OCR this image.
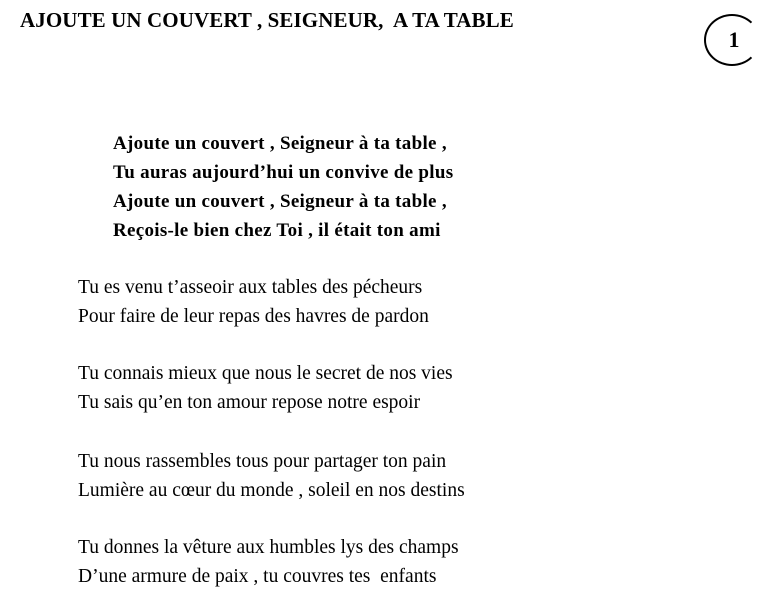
AJOUTE UN COUVERT , SEIGNEUR,  A TA TABLE
1

Ajoute un couvert , Seigneur à ta table ,
Tu auras aujourd’hui un convive de plus
Ajoute un couvert , Seigneur à ta table ,
Reçois-le bien chez Toi , il était ton ami

Tu es venu t’asseoir aux tables des pécheurs
Pour faire de leur repas des havres de pardon

Tu connais mieux que nous le secret de nos vies
Tu sais qu’en ton amour repose notre espoir

Tu nous rassembles tous pour partager ton pain
Lumière au cœur du monde , soleil en nos destins

Tu donnes la vêture aux humbles lys des champs
D’une armure de paix , tu couvres tes  enfants
